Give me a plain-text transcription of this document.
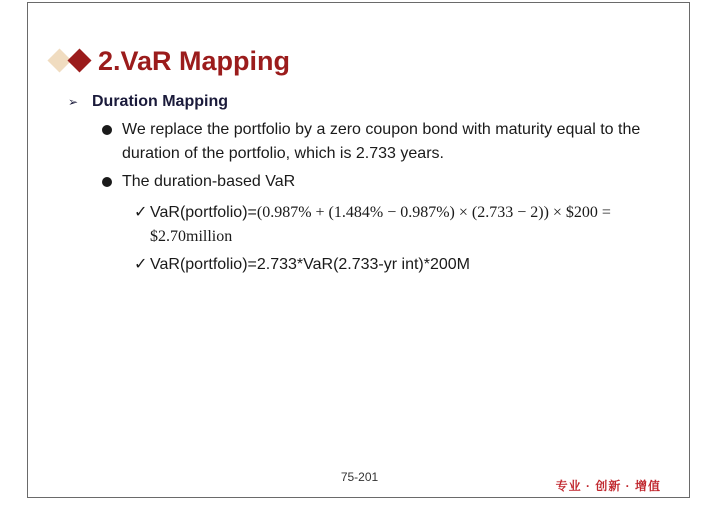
2.VaR Mapping
➢ Duration Mapping
We replace the portfolio by a zero coupon bond with maturity equal to the duration of the portfolio, which is 2.733 years.
The duration-based VaR
✓ VaR(portfolio)=(0.987% + (1.484% − 0.987%) × (2.733 − 2)) × $200 = $2.70million
✓ VaR(portfolio)=2.733*VaR(2.733-yr int)*200M
75-201
专业 · 创新 · 增值
